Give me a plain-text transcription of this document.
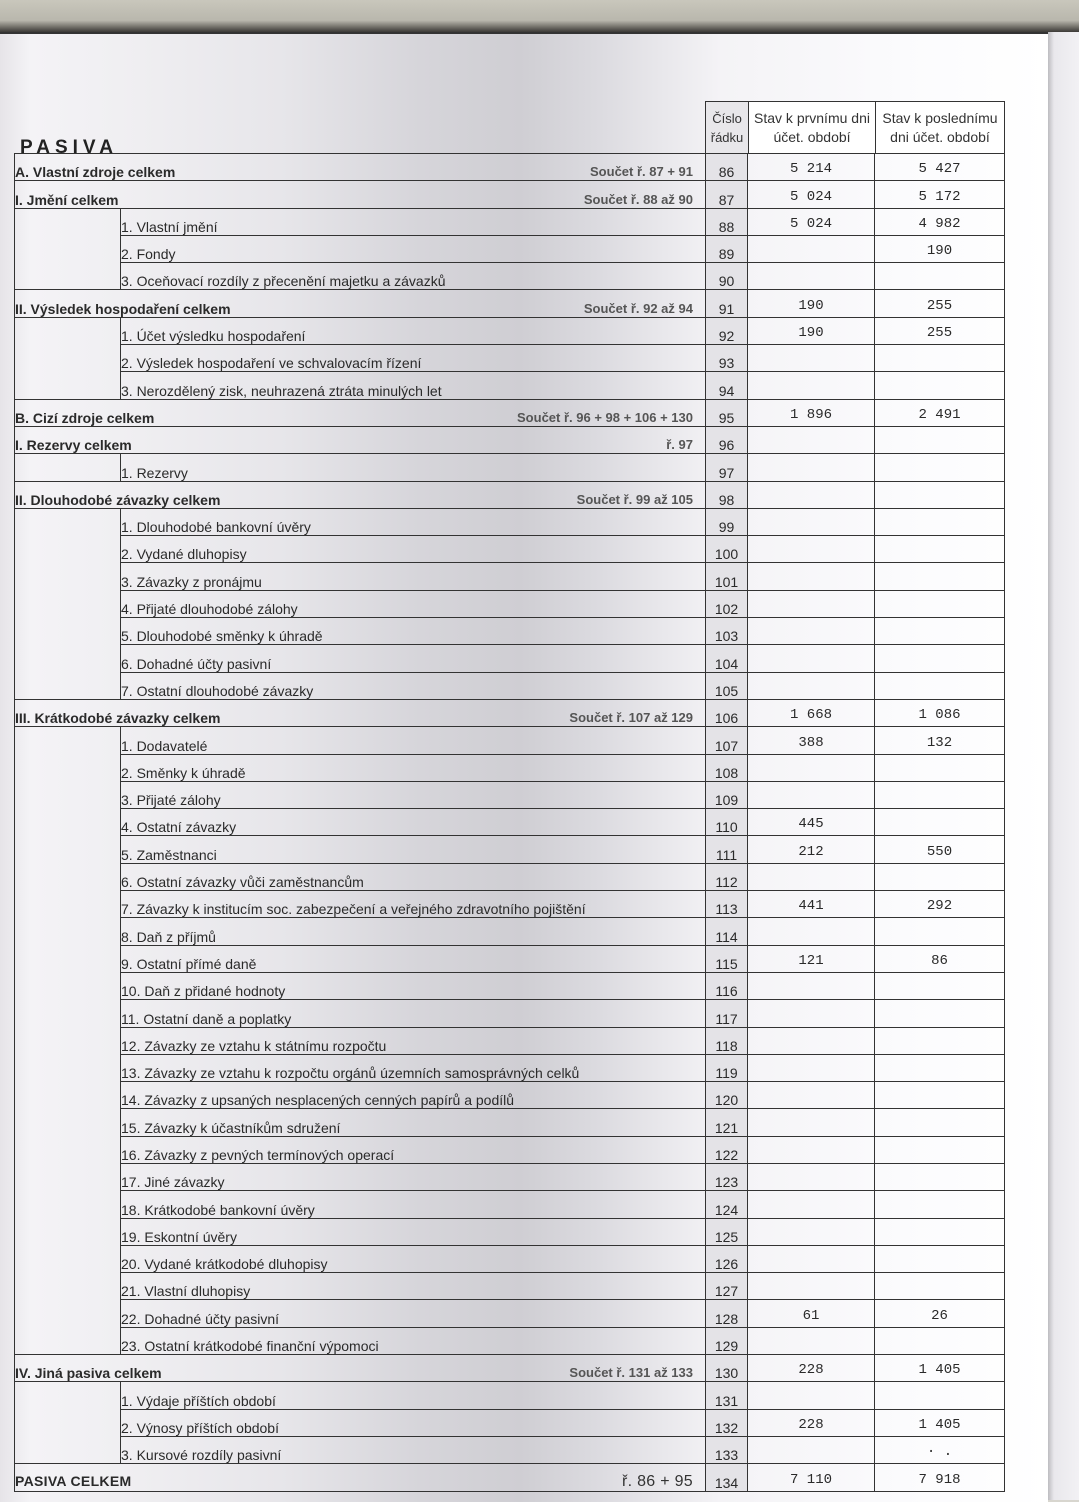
PASIVA
Číslo řádku
Stav k prvnímu dni účet. období
Stav k poslednímu dni účet. období
A. Vlastní zdroje celkem Součet ř. 87 + 91		86	5 214	5 427
I. Jmění celkem Součet ř. 88 až 90		87	5 024	5 172
	1. Vlastní jmění	88	5 024	4 982
	2. Fondy	89		190
	3. Oceňovací rozdíly z přecenění majetku a závazků	90		
II. Výsledek hospodaření celkem Součet ř. 92 až 94		91	190	255
	1. Účet výsledku hospodaření	92	190	255
	2. Výsledek hospodaření ve schvalovacím řízení	93		
	3. Nerozdělený zisk, neuhrazená ztráta minulých let	94		
B. Cizí zdroje celkem Součet ř. 96 + 98 + 106 + 130		95	1 896	2 491
I. Rezervy celkem ř. 97		96		
	1. Rezervy	97		
II. Dlouhodobé závazky celkem Součet ř. 99 až 105		98		
	1. Dlouhodobé bankovní úvěry	99		
	2. Vydané dluhopisy	100		
	3. Závazky z pronájmu	101		
	4. Přijaté dlouhodobé zálohy	102		
	5. Dlouhodobé směnky k úhradě	103		
	6. Dohadné účty pasivní	104		
	7. Ostatní dlouhodobé závazky	105		
III. Krátkodobé závazky celkem Součet ř. 107 až 129		106	1 668	1 086
	1. Dodavatelé	107	388	132
	2. Směnky k úhradě	108		
	3. Přijaté zálohy	109		
	4. Ostatní závazky	110	445	
	5. Zaměstnanci	111	212	550
	6. Ostatní závazky vůči zaměstnancům	112		
	7. Závazky k institucím soc. zabezpečení a veřejného zdravotního pojištění	113	441	292
	8. Daň z příjmů	114		
	9. Ostatní přímé daně	115	121	86
	10. Daň z přidané hodnoty	116		
	11. Ostatní daně a poplatky	117		
	12. Závazky ze vztahu k státnímu rozpočtu	118		
	13. Závazky ze vztahu k rozpočtu orgánů územních samosprávných celků	119		
	14. Závazky z upsaných nesplacených cenných papírů a podílů	120		
	15. Závazky k účastníkům sdružení	121		
	16. Závazky z pevných termínových operací	122		
	17. Jiné závazky	123		
	18. Krátkodobé bankovní úvěry	124		
	19. Eskontní úvěry	125		
	20. Vydané krátkodobé dluhopisy	126		
	21. Vlastní dluhopisy	127		
	22. Dohadné účty pasivní	128	61	26
	23. Ostatní krátkodobé finanční výpomoci	129		
IV. Jiná pasiva celkem Součet ř. 131 až 133		130	228	1 405
	1. Výdaje příštích období	131		
	2. Výnosy příštích období	132	228	1 405
	3. Kursové rozdíly pasivní	133		· .
PASIVA CELKEM ř. 86 + 95		134	7 110	7 918
